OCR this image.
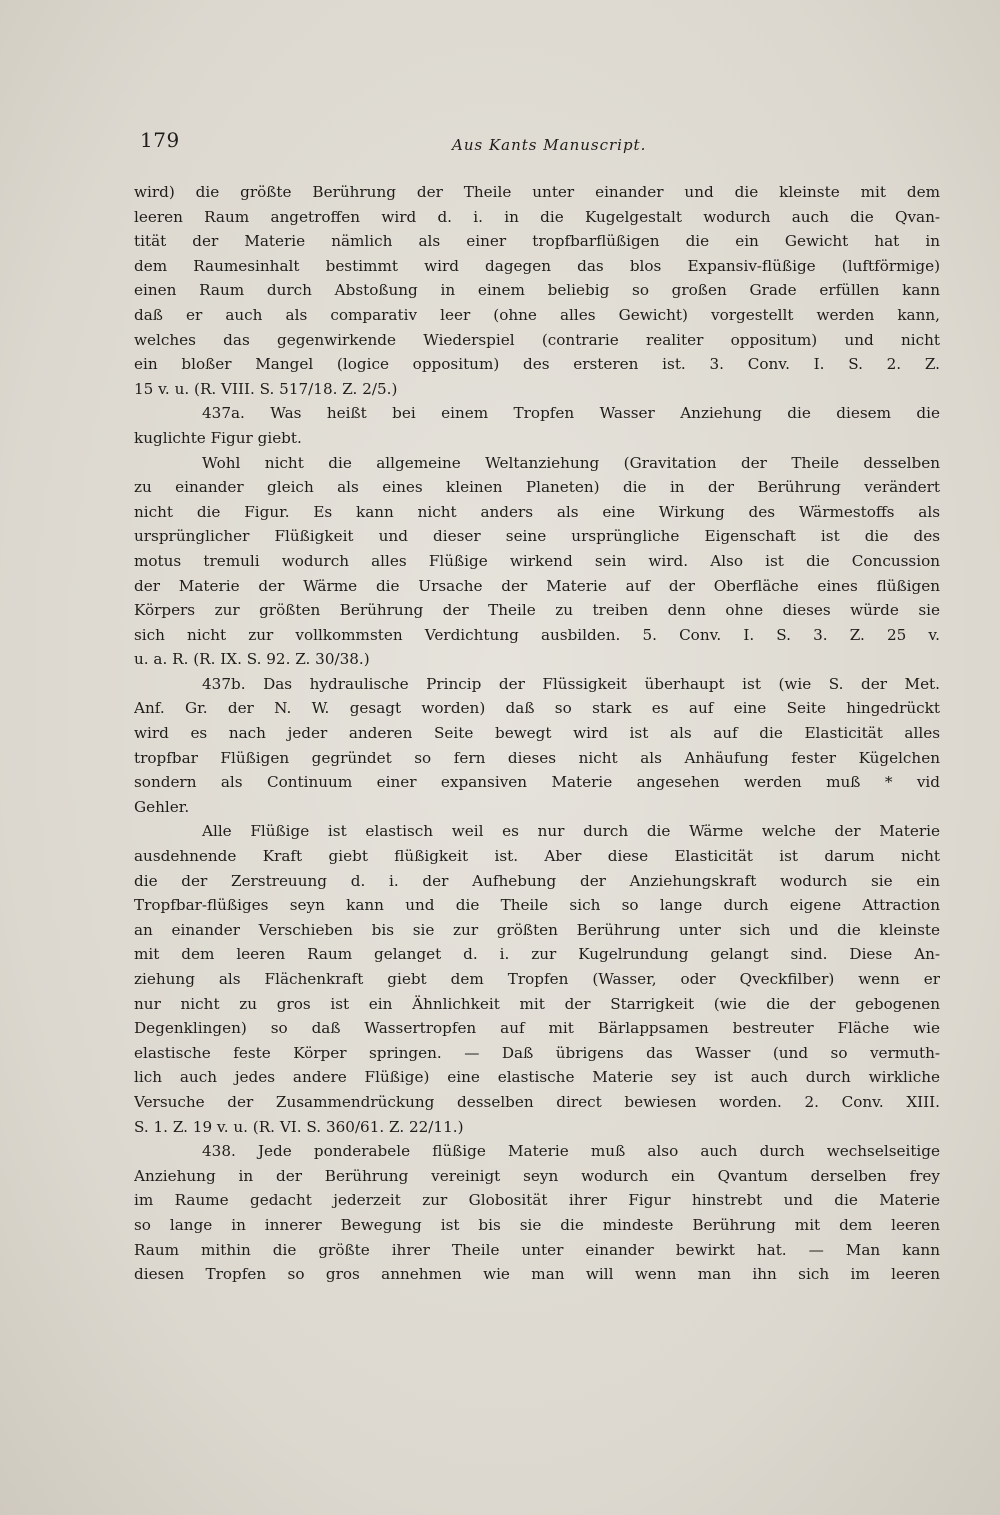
179	Aus Kants Manuscript.
wird) die größte Berührung der Theile unter einander und die kleinste mit dem
leeren Raum angetroffen wird d. i. in die Kugelgestalt wodurch auch die Qvan-
tität der Materie nämlich als einer tropfbarflüßigen die ein Gewicht hat in
dem Raumesinhalt bestimmt wird dagegen das blos Expansiv-flüßige (luftförmige)
einen Raum durch Abstoßung in einem beliebig so großen Grade erfüllen kann
daß er auch als comparativ leer (ohne alles Gewicht) vorgestellt werden kann,
welches das gegenwirkende Wiederspiel (contrarie realiter oppositum) und nicht
ein bloßer Mangel (logice oppositum) des ersteren ist. 3. Conv. I. S. 2. Z.
15 v. u. (R. VIII. S. 517/18. Z. 2/5.)
437a. Was heißt bei einem Tropfen Wasser Anziehung die diesem die
kuglichte Figur giebt.
Wohl nicht die allgemeine Weltanziehung (Gravitation der Theile desselben
zu einander gleich als eines kleinen Planeten) die in der Berührung verändert
nicht die Figur. Es kann nicht anders als eine Wirkung des Wärmestoffs als
ursprünglicher Flüßigkeit und dieser seine ursprüngliche Eigenschaft ist die des
motus tremuli wodurch alles Flüßige wirkend sein wird. Also ist die Concussion
der Materie der Wärme die Ursache der Materie auf der Oberfläche eines flüßigen
Körpers zur größten Berührung der Theile zu treiben denn ohne dieses würde sie
sich nicht zur vollkommsten Verdichtung ausbilden. 5. Conv. I. S. 3. Z. 25 v.
u. a. R. (R. IX. S. 92. Z. 30/38.)
437b. Das hydraulische Princip der Flüssigkeit überhaupt ist (wie S. der Met.
Anf. Gr. der N. W. gesagt worden) daß so stark es auf eine Seite hingedrückt
wird es nach jeder anderen Seite bewegt wird ist als auf die Elasticität alles
tropfbar Flüßigen gegründet so fern dieses nicht als Anhäufung fester Kügelchen
sondern als Continuum einer expansiven Materie angesehen werden muß * vid
Gehler.
Alle Flüßige ist elastisch weil es nur durch die Wärme welche der Materie
ausdehnende Kraft giebt flüßigkeit ist. Aber diese Elasticität ist darum nicht
die der Zerstreuung d. i. der Aufhebung der Anziehungskraft wodurch sie ein
Tropfbar-flüßiges seyn kann und die Theile sich so lange durch eigene Attraction
an einander Verschieben bis sie zur größten Berührung unter sich und die kleinste
mit dem leeren Raum gelanget d. i. zur Kugelrundung gelangt sind. Diese An-
ziehung als Flächenkraft giebt dem Tropfen (Wasser, oder Qveckfilber) wenn er
nur nicht zu gros ist ein Ähnlichkeit mit der Starrigkeit (wie die der gebogenen
Degenklingen) so daß Wassertropfen auf mit Bärlappsamen bestreuter Fläche wie
elastische feste Körper springen. — Daß übrigens das Wasser (und so vermuth-
lich auch jedes andere Flüßige) eine elastische Materie sey ist auch durch wirkliche
Versuche der Zusammendrückung desselben direct bewiesen worden. 2. Conv. XIII.
S. 1. Z. 19 v. u. (R. VI. S. 360/61. Z. 22/11.)
438. Jede ponderabele flüßige Materie muß also auch durch wechselseitige
Anziehung in der Berührung vereinigt seyn wodurch ein Qvantum derselben frey
im Raume gedacht jederzeit zur Globosität ihrer Figur hinstrebt und die Materie
so lange in innerer Bewegung ist bis sie die mindeste Berührung mit dem leeren
Raum mithin die größte ihrer Theile unter einander bewirkt hat. — Man kann
diesen Tropfen so gros annehmen wie man will wenn man ihn sich im leeren
